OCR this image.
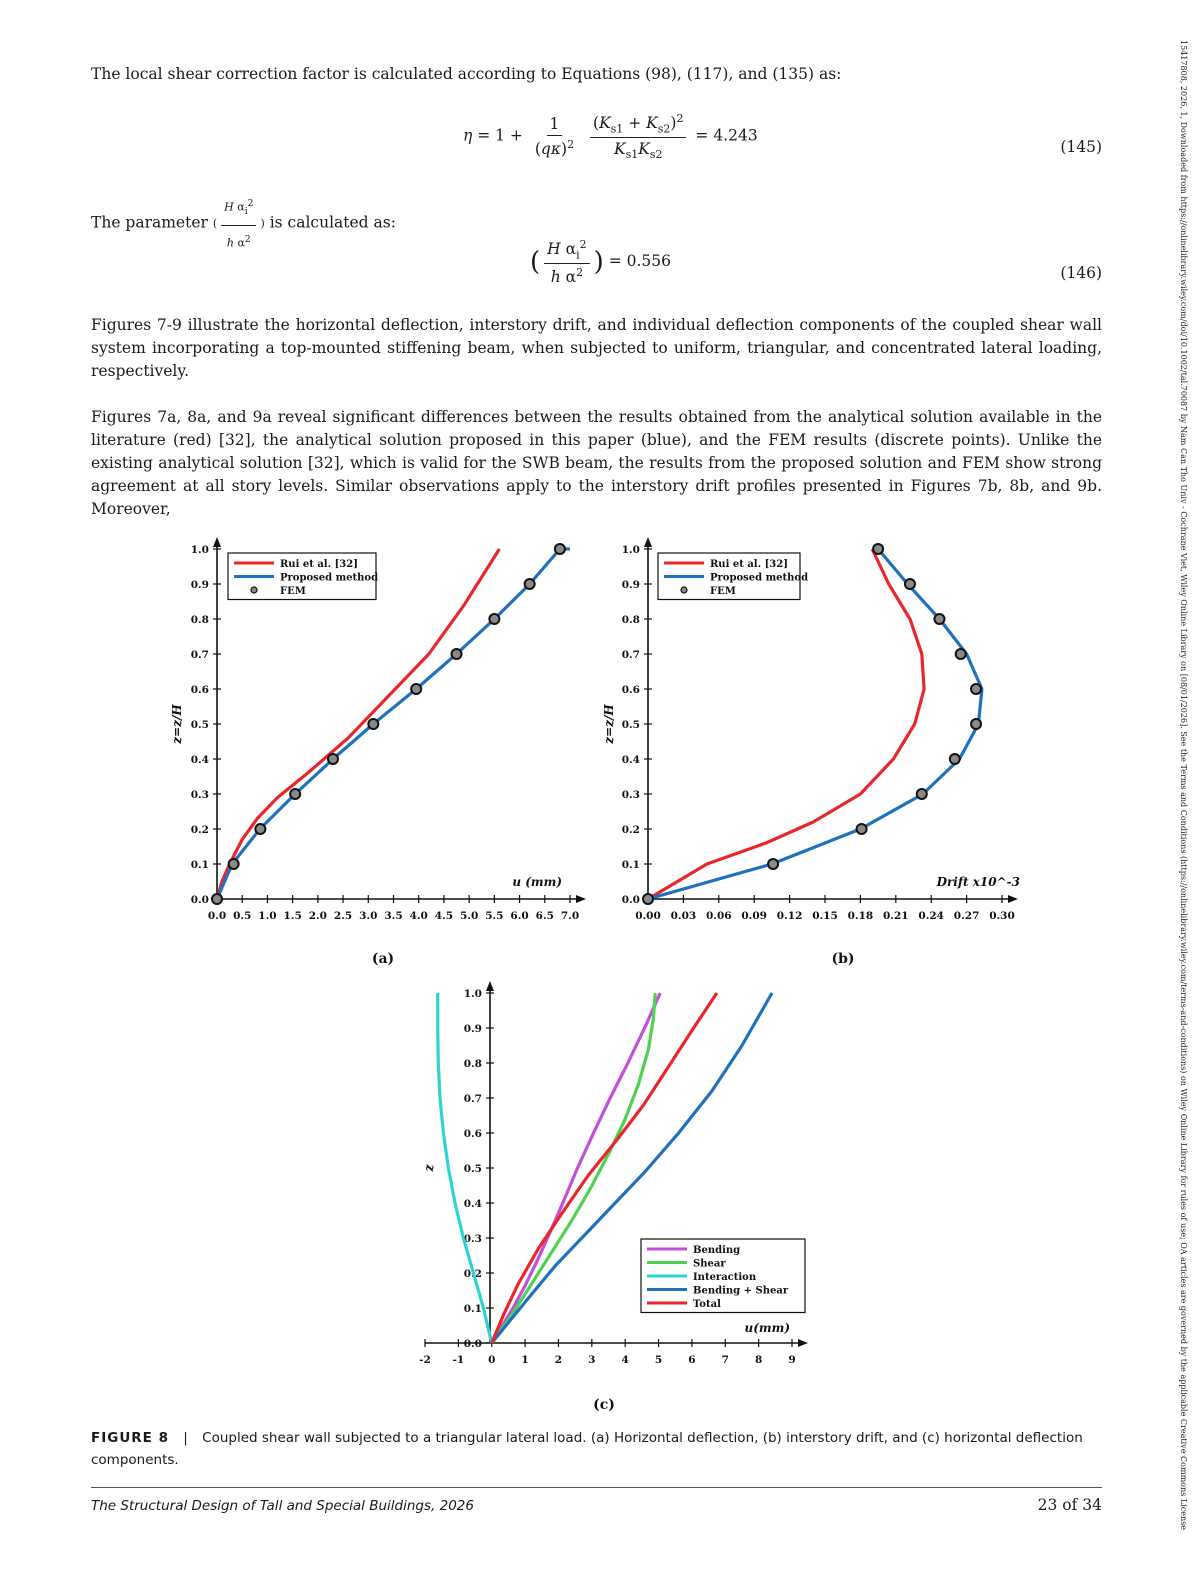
The local shear correction factor is calculated according to Equations (98), (117), and (135) as:
$\eta = 1 + \frac{1}{(q\kappa)^2}$
$\frac{(K_{s1} + K_{s2})^2}{K_{s1}K_{s2}} = 4.243$
(145)
The parameter ( $\frac{H \alpha_i^2}{h \alpha^2}$ ) is calculated as:
( $\frac{H \alpha_i^2}{h \alpha^2}$ ) = 0.556
(146)
Figures 7-9 illustrate the horizontal deflection, interstory drift, and individual deflection components of the coupled shear wall system incorporating a top-mounted stiffening beam, when subjected to uniform, triangular, and concentrated lateral loading, respectively.
Figures 7a, 8a, and 9a reveal significant differences between the results obtained from the analytical solution available in the literature (red) [32], the analytical solution proposed in this paper (blue), and the FEM results (discrete points). Unlike the existing analytical solution [32], which is valid for the SWB beam, the results from the proposed solution and FEM show strong agreement at all story levels. Similar observations apply to the interstory drift profiles presented in Figures 7b, 8b, and 9b. Moreover,
0.0 0.5 1.0 1.5 2.0 2.5 3.0 3.5 4.0 4.5 5.0 5.5 6.0 6.5 7.0
0.0
0.1
0.2
0.3
0.4
0.5
0.6
0.7
0.8
0.9
1.0
u (mm)
z=z/H
Rui et al. [32]
Proposed method
FEM
(a)
0.00 0.03 0.06 0.09 0.12 0.15 0.18 0.21 0.24 0.27 0.30
0.0
0.1
0.2
0.3
0.4
0.5
0.6
0.7
0.8
0.9
1.0
Drift x10^-3
z=z/H
Rui et al. [32]
Proposed method
FEM
(b)
-2 -1 0 1 2 3 4 5 6 7 8 9
0.0
0.1
0.2
0.3
0.4
0.5
0.6
0.7
0.8
0.9
1.0
u(mm)
z
Bending
Shear
Interaction
Bending + Shear
Total
(c)
FIGURE 8 | Coupled shear wall subjected to a triangular lateral load. (a) Horizontal deflection, (b) interstory drift, and (c) horizontal deflection components.
The Structural Design of Tall and Special Buildings, 2026	23 of 34	15417808, 2026, 1, Downloaded from https://onlinelibrary.wiley.com/doi/10.1002/tal.70087 by Nam Can Tho Univ - Cochrane Viet, Wiley Online Library on [08/01/2026]. See the Terms and Conditions (https://onlinelibrary.wiley.com/terms-and-conditions) on Wiley Online Library for rules of use; OA articles are governed by the applicable Creative Commons License
